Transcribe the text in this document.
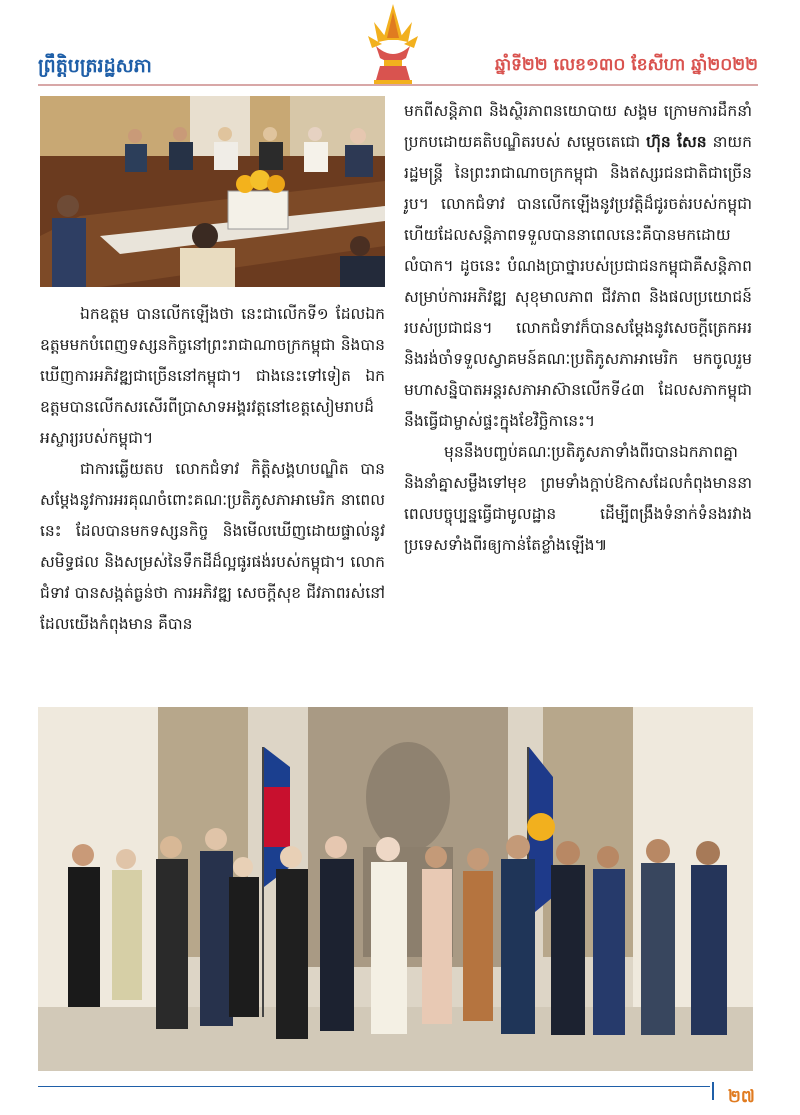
ព្រឹត្តិបត្ររដ្ឋសភា	ឆ្នាំទី២២ លេខ១៣០ ខែសីហា ឆ្នាំ២០២២

ឯកឧត្តម បានលើកឡើងថា នេះជាលើកទី១ ដែលឯកឧត្តមមកបំពេញទស្សនកិច្ចនៅព្រះរាជាណាចក្រកម្ពុជា និងបានឃើញការអភិវឌ្ឍជាច្រើននៅកម្ពុជា។ ជាងនេះទៅទៀត ឯកឧត្តមបានលើកសរសើរពីប្រាសាទអង្គរវត្តនៅខេត្តសៀមរាបដ៏អស្ចារ្យរបស់កម្ពុជា។

ជាការឆ្លើយតប លោកជំទាវ កិត្តិសង្គហបណ្ឌិត បានសម្តែងនូវការអរគុណចំពោះគណៈប្រតិភូសភាអាមេរិក នាពេលនេះ ដែលបានមកទស្សនកិច្ច និងមើលឃើញដោយផ្ទាល់នូវសមិទ្ធផល និងសម្រស់នៃទឹកដីដ៏ល្អផូរផង់របស់កម្ពុជា។ លោកជំទាវ បានសង្កត់ធ្ងន់ថា ការអភិវឌ្ឍ សេចក្តីសុខ ជីវភាពរស់នៅដែលយើងកំពុងមាន គឺបាន

មកពីសន្តិភាព និងស្ថិរភាពនយោបាយ សង្គម ក្រោមការដឹកនាំប្រកបដោយគតិបណ្ឌិតរបស់ សម្តេចតេជោ ហ៊ុន សែន នាយករដ្ឋមន្ត្រី នៃព្រះរាជាណាចក្រកម្ពុជា និងឥស្សរជនជាតិជាច្រើនរូប។ លោកជំទាវ បានលើកឡើងនូវប្រវត្តិដ៏ជូរចត់របស់កម្ពុជា ហើយដែលសន្តិភាពទទួលបាននាពេលនេះគឺបានមកដោយលំបាក។ ដូចនេះ បំណងប្រាថ្នារបស់ប្រជាជនកម្ពុជាគឺសន្តិភាព សម្រាប់ការអភិវឌ្ឍ សុខុមាលភាព ជីវភាព និងផលប្រយោជន៍របស់ប្រជាជន។ លោកជំទាវក៏បានសម្តែងនូវសេចក្តីត្រេកអរ និងរង់ចាំទទួលស្វាគមន៍គណៈប្រតិភូសភាអាមេរិក មកចូលរួមមហាសន្និបាតអន្តរសភាអាស៊ានលើកទី៤៣ ដែលសភាកម្ពុជានឹងធ្វើជាម្ចាស់ផ្ទះក្នុងខែវិច្ឆិកានេះ។

មុននឹងបញ្ចប់គណៈប្រតិភូសភាទាំងពីរបានឯកភាពគ្នា និងនាំគ្នាសម្លឹងទៅមុខ ព្រមទាំងក្តាប់ឱកាសដែលកំពុងមាននាពេលបច្ចុប្បន្នធ្វើជាមូលដ្ឋាន ដើម្បីពង្រឹងទំនាក់ទំនងរវាងប្រទេសទាំងពីរឲ្យកាន់តែខ្លាំងឡើង៕

២៧
